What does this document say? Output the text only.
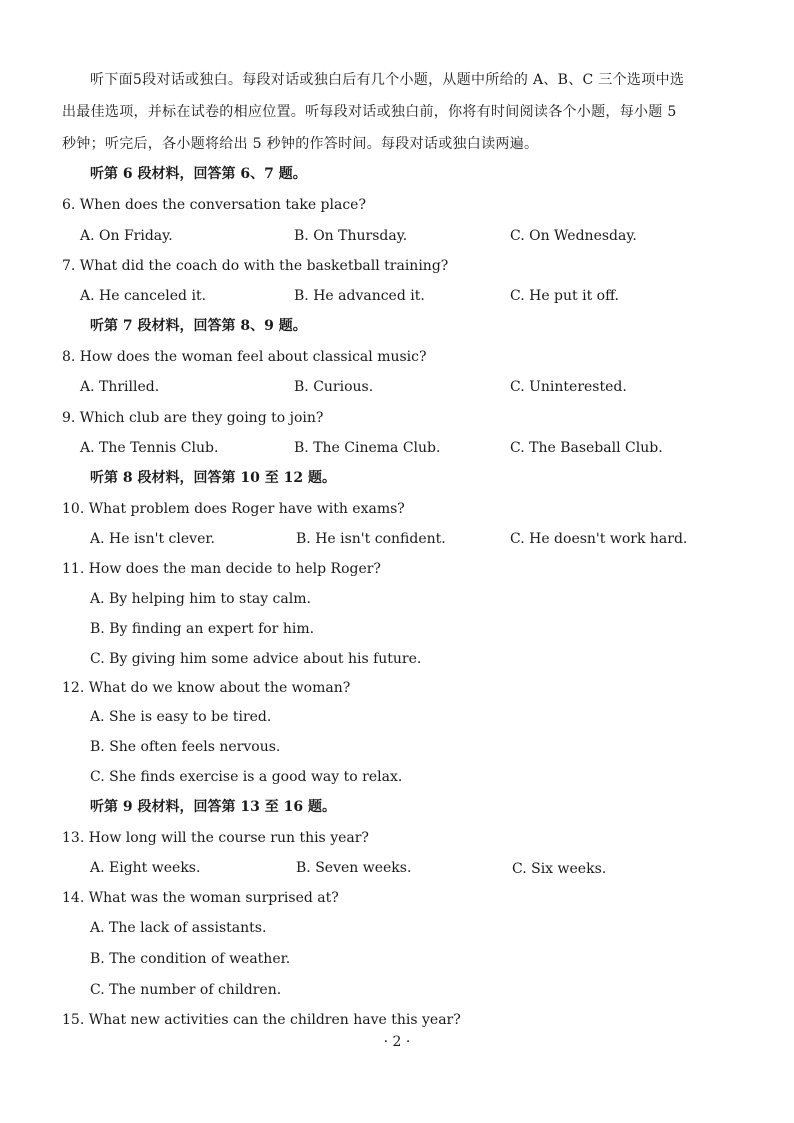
听下面5段对话或独白。每段对话或独白后有几个小题，从题中所给的 A、B、C 三个选项中选
出最佳选项，并标在试卷的相应位置。听每段对话或独白前，你将有时间阅读各个小题，每小题 5
秒钟；听完后，各小题将给出 5 秒钟的作答时间。每段对话或独白读两遍。
听第 6 段材料，回答第 6、7 题。
6. When does the conversation take place?
A. On Friday.	B. On Thursday.	C. On Wednesday.
7. What did the coach do with the basketball training?
A. He canceled it.	B. He advanced it.	C. He put it off.
听第 7 段材料，回答第 8、9 题。
8. How does the woman feel about classical music?
A. Thrilled.	B. Curious.	C. Uninterested.
9. Which club are they going to join?
A. The Tennis Club.	B. The Cinema Club.	C. The Baseball Club.
听第 8 段材料，回答第 10 至 12 题。
10. What problem does Roger have with exams?
A. He isn't clever.	B. He isn't confident.	C. He doesn't work hard.
11. How does the man decide to help Roger?
A. By helping him to stay calm.
B. By finding an expert for him.
C. By giving him some advice about his future.
12. What do we know about the woman?
A. She is easy to be tired.
B. She often feels nervous.
C. She finds exercise is a good way to relax.
听第 9 段材料，回答第 13 至 16 题。
13. How long will the course run this year?
A. Eight weeks.	B. Seven weeks.	C. Six weeks.
14. What was the woman surprised at?
A. The lack of assistants.
B. The condition of weather.
C. The number of children.
15. What new activities can the children have this year?
· 2 ·
